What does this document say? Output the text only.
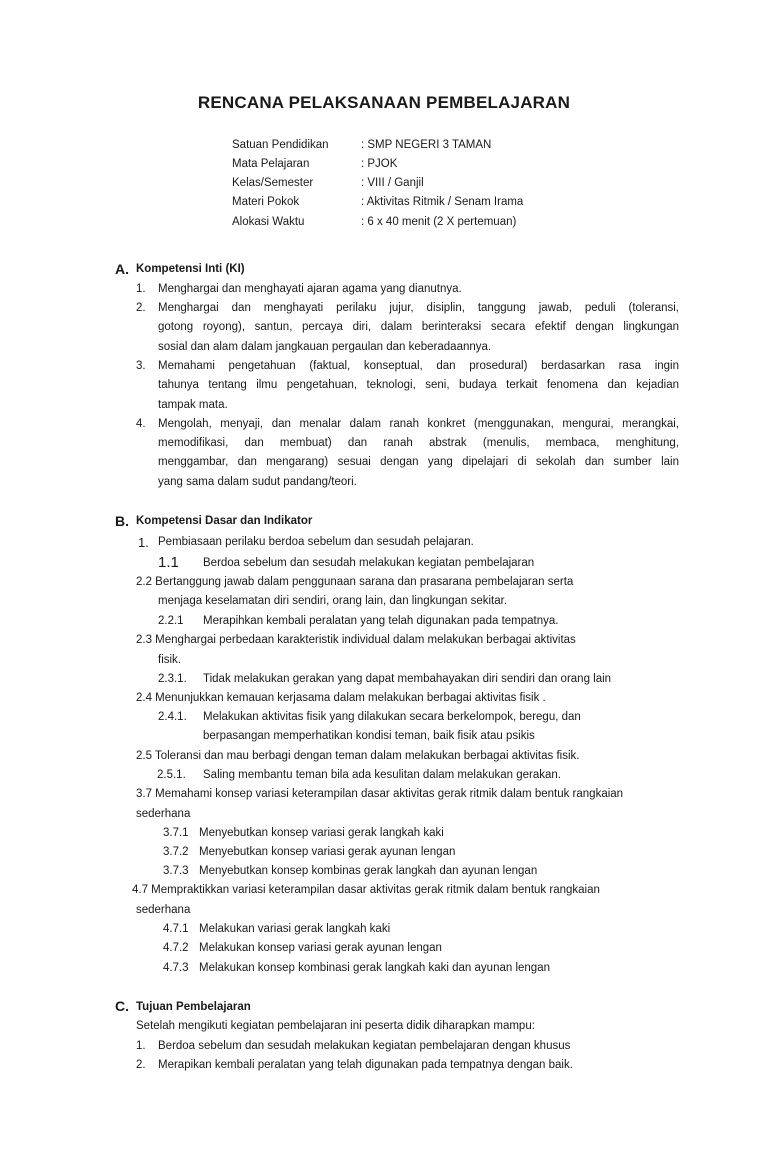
RENCANA PELAKSANAAN PEMBELAJARAN
Satuan Pendidikan	: SMP NEGERI 3 TAMAN
Mata Pelajaran	: PJOK
Kelas/Semester	: VIII / Ganjil
Materi Pokok	: Aktivitas Ritmik / Senam Irama
Alokasi Waktu	: 6 x 40 menit (2 X pertemuan)
A. Kompetensi Inti (KI)
1. Menghargai dan menghayati ajaran agama yang dianutnya.
2. Menghargai dan menghayati perilaku jujur, disiplin, tanggung jawab, peduli (toleransi,
gotong royong), santun, percaya diri, dalam berinteraksi secara efektif dengan lingkungan
sosial dan alam dalam jangkauan pergaulan dan keberadaannya.
3. Memahami pengetahuan (faktual, konseptual, dan prosedural) berdasarkan rasa ingin
tahunya tentang ilmu pengetahuan, teknologi, seni, budaya terkait fenomena dan kejadian
tampak mata.
4. Mengolah, menyaji, dan menalar dalam ranah konkret (menggunakan, mengurai, merangkai,
memodifikasi, dan membuat) dan ranah abstrak (menulis, membaca, menghitung,
menggambar, dan mengarang) sesuai dengan yang dipelajari di sekolah dan sumber lain
yang sama dalam sudut pandang/teori.
B. Kompetensi Dasar dan Indikator
1. Pembiasaan perilaku berdoa sebelum dan sesudah pelajaran.
1.1 Berdoa sebelum dan sesudah melakukan kegiatan pembelajaran
2.2 Bertanggung jawab dalam penggunaan sarana dan prasarana pembelajaran serta
menjaga keselamatan diri sendiri, orang lain, dan lingkungan sekitar.
2.2.1 Merapihkan kembali peralatan yang telah digunakan pada tempatnya.
2.3 Menghargai perbedaan karakteristik individual dalam melakukan berbagai aktivitas
fisik.
2.3.1. Tidak melakukan gerakan yang dapat membahayakan diri sendiri dan orang lain
2.4 Menunjukkan kemauan kerjasama dalam melakukan berbagai aktivitas fisik .
2.4.1. Melakukan aktivitas fisik yang dilakukan secara berkelompok, beregu, dan
berpasangan memperhatikan kondisi teman, baik fisik atau psikis
2.5 Toleransi dan mau berbagi dengan teman dalam melakukan berbagai aktivitas fisik.
2.5.1. Saling membantu teman bila ada kesulitan dalam melakukan gerakan.
3.7 Memahami konsep variasi keterampilan dasar aktivitas gerak ritmik dalam bentuk rangkaian
sederhana
3.7.1 Menyebutkan konsep variasi gerak langkah kaki
3.7.2 Menyebutkan konsep variasi gerak ayunan lengan
3.7.3 Menyebutkan konsep kombinas gerak langkah dan ayunan lengan
4.7 Mempraktikkan variasi keterampilan dasar aktivitas gerak ritmik dalam bentuk rangkaian
sederhana
4.7.1 Melakukan variasi gerak langkah kaki
4.7.2 Melakukan konsep variasi gerak ayunan lengan
4.7.3 Melakukan konsep kombinasi gerak langkah kaki dan ayunan lengan
C. Tujuan Pembelajaran
Setelah mengikuti kegiatan pembelajaran ini peserta didik diharapkan mampu:
1. Berdoa sebelum dan sesudah melakukan kegiatan pembelajaran dengan khusus
2. Merapikan kembali peralatan yang telah digunakan pada tempatnya dengan baik.
